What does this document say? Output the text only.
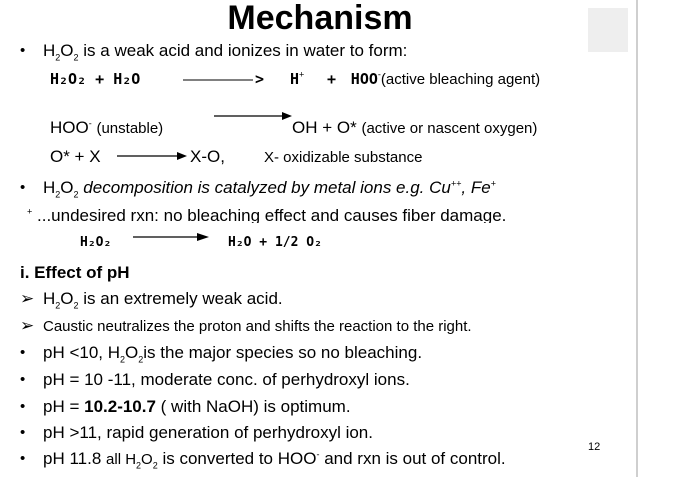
Mechanism
• $H_2O_2$ is a weak acid and ionizes in water to form:
H₂O₂ + H₂O	> H+ + HOO-(active bleaching agent)
HOO- (unstable)	OH + O* (active or nascent oxygen)
O* + X	X-O,	X- oxidizable substance
• $H_2O_2$ decomposition is catalyzed by metal ions e.g. Cu++, Fe+
+ ...undesired rxn: no bleaching effect and causes fiber damage.
H₂O₂	H₂O + 1/2 O₂
i. Effect of pH
➢ $H_2O_2$ is an extremely weak acid.
➢ Caustic neutralizes the proton and shifts the reaction to the right.
• pH <10, $H_2O_2is$ the major species so no bleaching.
• pH = 10 -11, moderate conc. of perhydroxyl ions.
• pH = 10.2-10.7 ( with NaOH) is optimum.
• pH >11, rapid generation of perhydroxyl ion.
• pH 11.8 all $H_2O_2$ is converted to HOO- and rxn is out of control.
12
